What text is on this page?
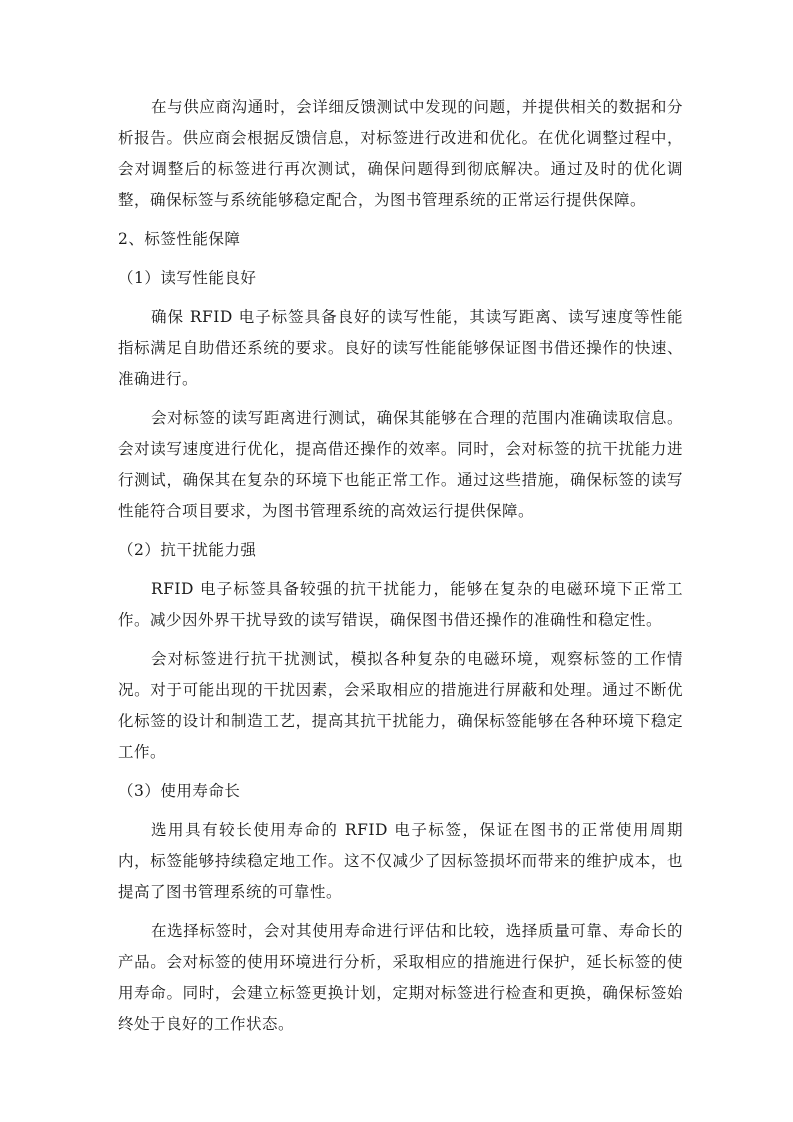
在与供应商沟通时，会详细反馈测试中发现的问题，并提供相关的数据和分析报告。供应商会根据反馈信息，对标签进行改进和优化。在优化调整过程中，会对调整后的标签进行再次测试，确保问题得到彻底解决。通过及时的优化调整，确保标签与系统能够稳定配合，为图书管理系统的正常运行提供保障。

2、标签性能保障

（1）读写性能良好

确保 RFID 电子标签具备良好的读写性能，其读写距离、读写速度等性能指标满足自助借还系统的要求。良好的读写性能能够保证图书借还操作的快速、准确进行。

会对标签的读写距离进行测试，确保其能够在合理的范围内准确读取信息。会对读写速度进行优化，提高借还操作的效率。同时，会对标签的抗干扰能力进行测试，确保其在复杂的环境下也能正常工作。通过这些措施，确保标签的读写性能符合项目要求，为图书管理系统的高效运行提供保障。

（2）抗干扰能力强

RFID 电子标签具备较强的抗干扰能力，能够在复杂的电磁环境下正常工作。减少因外界干扰导致的读写错误，确保图书借还操作的准确性和稳定性。

会对标签进行抗干扰测试，模拟各种复杂的电磁环境，观察标签的工作情况。对于可能出现的干扰因素，会采取相应的措施进行屏蔽和处理。通过不断优化标签的设计和制造工艺，提高其抗干扰能力，确保标签能够在各种环境下稳定工作。

（3）使用寿命长

选用具有较长使用寿命的 RFID 电子标签，保证在图书的正常使用周期内，标签能够持续稳定地工作。这不仅减少了因标签损坏而带来的维护成本，也提高了图书管理系统的可靠性。

在选择标签时，会对其使用寿命进行评估和比较，选择质量可靠、寿命长的产品。会对标签的使用环境进行分析，采取相应的措施进行保护，延长标签的使用寿命。同时，会建立标签更换计划，定期对标签进行检查和更换，确保标签始终处于良好的工作状态。
